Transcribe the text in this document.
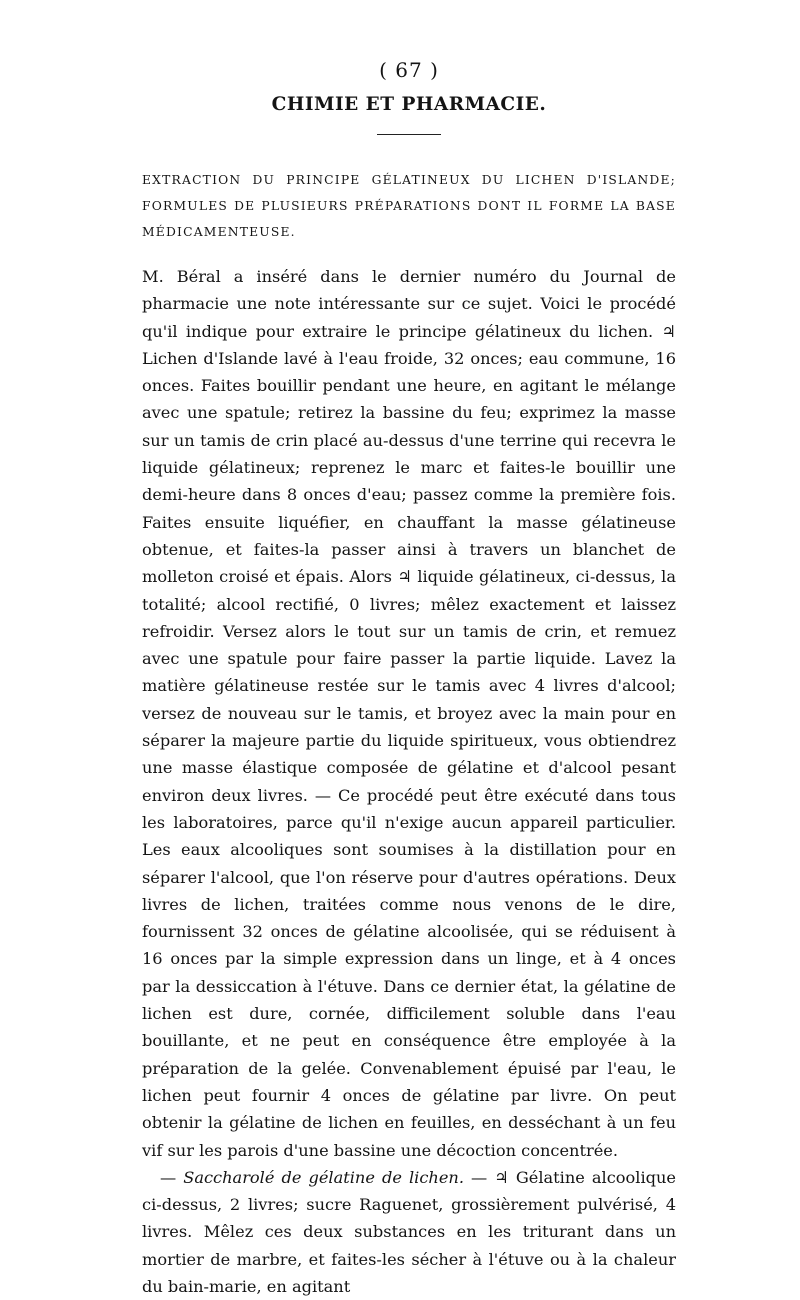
( 67 )
CHIMIE ET PHARMACIE.
EXTRACTION DU PRINCIPE GÉLATINEUX DU LICHEN D'ISLANDE; FORMULES DE PLUSIEURS PRÉPARATIONS DONT IL FORME LA BASE MÉDICAMENTEUSE.

M. Béral a inséré dans le dernier numéro du Journal de pharmacie une note intéressante sur ce sujet. Voici le procédé qu'il indique pour extraire le principe gélatineux du lichen. ♃ Lichen d'Islande lavé à l'eau froide, 32 onces; eau commune, 16 onces. Faites bouillir pendant une heure, en agitant le mélange avec une spatule; retirez la bassine du feu; exprimez la masse sur un tamis de crin placé au-dessus d'une terrine qui recevra le liquide gélatineux; reprenez le marc et faites-le bouillir une demi-heure dans 8 onces d'eau; passez comme la première fois. Faites ensuite liquéfier, en chauffant la masse gélatineuse obtenue, et faites-la passer ainsi à travers un blanchet de molleton croisé et épais. Alors ♃ liquide gélatineux, ci-dessus, la totalité; alcool rectifié, 0 livres; mêlez exactement et laissez refroidir. Versez alors le tout sur un tamis de crin, et remuez avec une spatule pour faire passer la partie liquide. Lavez la matière gélatineuse restée sur le tamis avec 4 livres d'alcool; versez de nouveau sur le tamis, et broyez avec la main pour en séparer la majeure partie du liquide spiritueux, vous obtiendrez une masse élastique composée de gélatine et d'alcool pesant environ deux livres. — Ce procédé peut être exécuté dans tous les laboratoires, parce qu'il n'exige aucun appareil particulier. Les eaux alcooliques sont soumises à la distillation pour en séparer l'alcool, que l'on réserve pour d'autres opérations. Deux livres de lichen, traitées comme nous venons de le dire, fournissent 32 onces de gélatine alcoolisée, qui se réduisent à 16 onces par la simple expression dans un linge, et à 4 onces par la dessiccation à l'étuve. Dans ce dernier état, la gélatine de lichen est dure, cornée, difficilement soluble dans l'eau bouillante, et ne peut en conséquence être employée à la préparation de la gelée. Convenablement épuisé par l'eau, le lichen peut fournir 4 onces de gélatine par livre. On peut obtenir la gélatine de lichen en feuilles, en desséchant à un feu vif sur les parois d'une bassine une décoction concentrée.

— Saccharolé de gélatine de lichen. — ♃ Gélatine alcoolique ci-dessus, 2 livres; sucre Raguenet, grossièrement pulvérisé, 4 livres. Mêlez ces deux substances en les triturant dans un mortier de marbre, et faites-les sécher à l'étuve ou à la chaleur du bain-marie, en agitant
